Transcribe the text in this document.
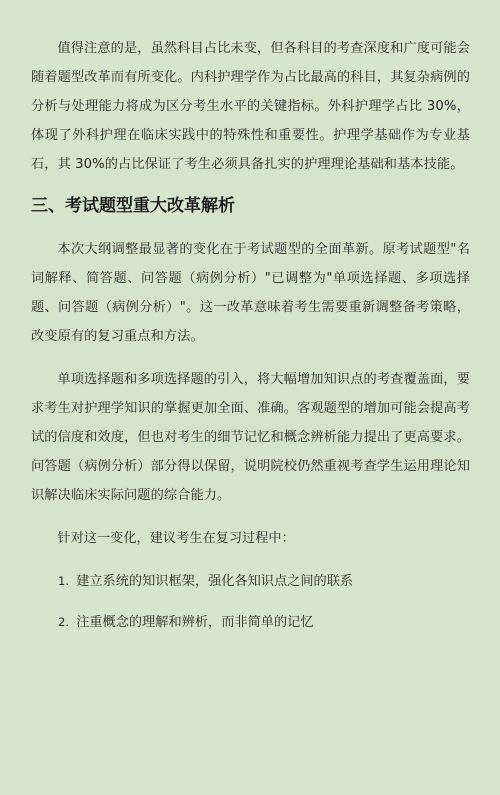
值得注意的是，虽然科目占比未变，但各科目的考查深度和广度可能会随着题型改革而有所变化。内科护理学作为占比最高的科目，其复杂病例的分析与处理能力将成为区分考生水平的关键指标。外科护理学占比 30%，体现了外科护理在临床实践中的特殊性和重要性。护理学基础作为专业基石，其 30%的占比保证了考生必须具备扎实的护理理论基础和基本技能。

三、考试题型重大改革解析

本次大纲调整最显著的变化在于考试题型的全面革新。原考试题型"名词解释、简答题、问答题（病例分析）"已调整为"单项选择题、多项选择题、问答题（病例分析）"。这一改革意味着考生需要重新调整备考策略，改变原有的复习重点和方法。

单项选择题和多项选择题的引入，将大幅增加知识点的考查覆盖面，要求考生对护理学知识的掌握更加全面、准确。客观题型的增加可能会提高考试的信度和效度，但也对考生的细节记忆和概念辨析能力提出了更高要求。问答题（病例分析）部分得以保留，说明院校仍然重视考查学生运用理论知识解决临床实际问题的综合能力。

针对这一变化，建议考生在复习过程中：

1. 建立系统的知识框架，强化各知识点之间的联系
2. 注重概念的理解和辨析，而非简单的记忆
